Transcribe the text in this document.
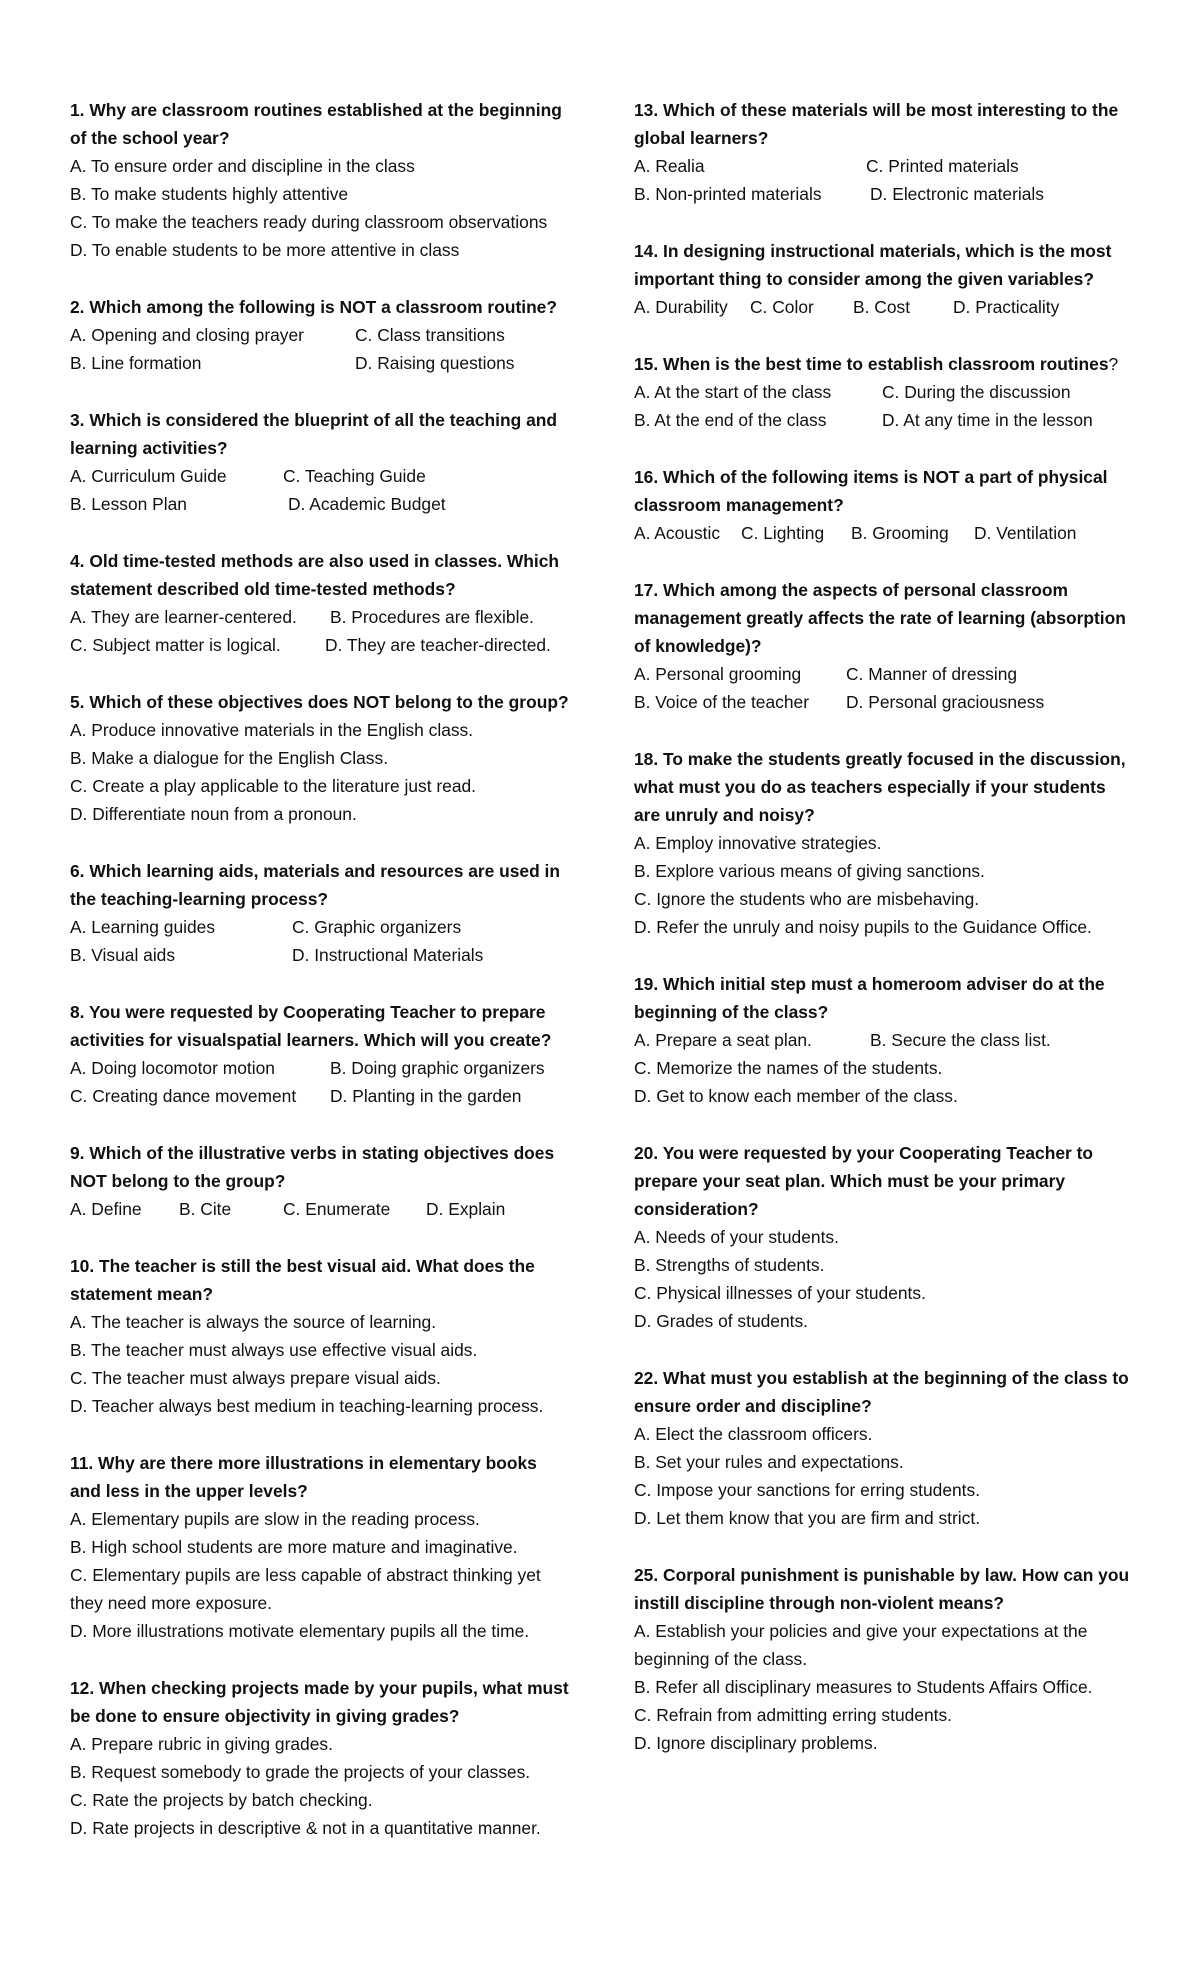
1. Why are classroom routines established at the beginning of the school year?

A. To ensure order and discipline in the class

B. To make students highly attentive

C. To make the teachers ready during classroom observations

D. To enable students to be more attentive in class

2. Which among the following is NOT a classroom routine?

A. Opening and closing prayer	C. Class transitions
B. Line formation	D. Raising questions

3. Which is considered the blueprint of all the teaching and learning activities?

A. Curriculum Guide	C. Teaching Guide
B. Lesson Plan	D. Academic Budget

4. Old time-tested methods are also used in classes. Which statement described old time-tested methods?

A. They are learner-centered.	B. Procedures are flexible.
C. Subject matter is logical.	D. They are teacher-directed.

5. Which of these objectives does NOT belong to the group?

A. Produce innovative materials in the English class.

B. Make a dialogue for the English Class.

C. Create a play applicable to the literature just read.

D. Differentiate noun from a pronoun.

6. Which learning aids, materials and resources are used in the teaching-learning process?

A. Learning guides	C. Graphic organizers
B. Visual aids	D. Instructional Materials

8. You were requested by Cooperating Teacher to prepare activities for visualspatial learners. Which will you create?

A. Doing locomotor motion	B. Doing graphic organizers
C. Creating dance movement	D. Planting in the garden

9. Which of the illustrative verbs in stating objectives does NOT belong to the group?

A. Define	B. Cite	C. Enumerate	D. Explain

10. The teacher is still the best visual aid. What does the statement mean?

A. The teacher is always the source of learning.

B. The teacher must always use effective visual aids.

C. The teacher must always prepare visual aids.

D. Teacher always best medium in teaching-learning process.

11. Why are there more illustrations in elementary books and less in the upper levels?

A. Elementary pupils are slow in the reading process.

B. High school students are more mature and imaginative.

C. Elementary pupils are less capable of abstract thinking yet they need more exposure.

D. More illustrations motivate elementary pupils all the time.

12. When checking projects made by your pupils, what must be done to ensure objectivity in giving grades?

A. Prepare rubric in giving grades.

B. Request somebody to grade the projects of your classes.

C. Rate the projects by batch checking.

D. Rate projects in descriptive & not in a quantitative manner.

13. Which of these materials will be most interesting to the global learners?

A. Realia	C. Printed materials
B. Non-printed materials	D. Electronic materials

14. In designing instructional materials, which is the most important thing to consider among the given variables?

A. Durability	C. Color	B. Cost	D. Practicality

15. When is the best time to establish classroom routines?

A. At the start of the class	C. During the discussion
B. At the end of the class	D. At any time in the lesson

16. Which of the following items is NOT a part of physical classroom management?

A. Acoustic	C. Lighting	B. Grooming	D. Ventilation

17. Which among the aspects of personal classroom management greatly affects the rate of learning (absorption of knowledge)?

A. Personal grooming	C. Manner of dressing
B. Voice of the teacher	D. Personal graciousness

18. To make the students greatly focused in the discussion, what must you do as teachers especially if your students are unruly and noisy?

A. Employ innovative strategies.

B. Explore various means of giving sanctions.

C. Ignore the students who are misbehaving.

D. Refer the unruly and noisy pupils to the Guidance Office.

19. Which initial step must a homeroom adviser do at the beginning of the class?

A. Prepare a seat plan.	B. Secure the class list.

C. Memorize the names of the students.

D. Get to know each member of the class.

20. You were requested by your Cooperating Teacher to prepare your seat plan. Which must be your primary consideration?

A. Needs of your students.

B. Strengths of students.

C. Physical illnesses of your students.

D. Grades of students.

22. What must you establish at the beginning of the class to ensure order and discipline?

A. Elect the classroom officers.

B. Set your rules and expectations.

C. Impose your sanctions for erring students.

D. Let them know that you are firm and strict.

25. Corporal punishment is punishable by law. How can you instill discipline through non-violent means?

A. Establish your policies and give your expectations at the beginning of the class.

B. Refer all disciplinary measures to Students Affairs Office.

C. Refrain from admitting erring students.

D. Ignore disciplinary problems.
